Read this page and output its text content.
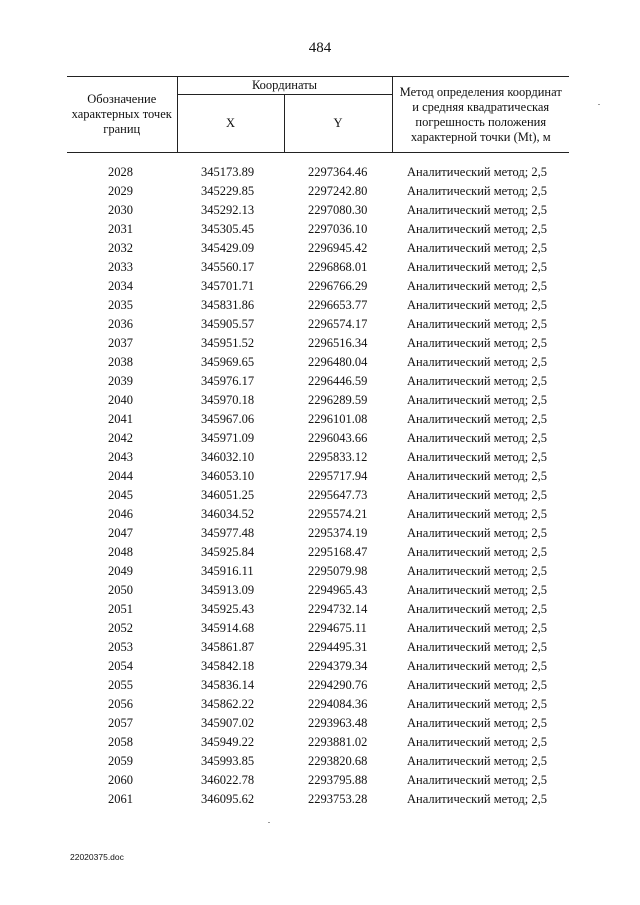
484
Обозначение характерных точек границ	Координаты		Метод определения координат и средняя квадратическая погрешность положения характерной точки (Mt), м
	X	Y	
2028	345173.89	2297364.46	Аналитический метод; 2,5
2029	345229.85	2297242.80	Аналитический метод; 2,5
2030	345292.13	2297080.30	Аналитический метод; 2,5
2031	345305.45	2297036.10	Аналитический метод; 2,5
2032	345429.09	2296945.42	Аналитический метод; 2,5
2033	345560.17	2296868.01	Аналитический метод; 2,5
2034	345701.71	2296766.29	Аналитический метод; 2,5
2035	345831.86	2296653.77	Аналитический метод; 2,5
2036	345905.57	2296574.17	Аналитический метод; 2,5
2037	345951.52	2296516.34	Аналитический метод; 2,5
2038	345969.65	2296480.04	Аналитический метод; 2,5
2039	345976.17	2296446.59	Аналитический метод; 2,5
2040	345970.18	2296289.59	Аналитический метод; 2,5
2041	345967.06	2296101.08	Аналитический метод; 2,5
2042	345971.09	2296043.66	Аналитический метод; 2,5
2043	346032.10	2295833.12	Аналитический метод; 2,5
2044	346053.10	2295717.94	Аналитический метод; 2,5
2045	346051.25	2295647.73	Аналитический метод; 2,5
2046	346034.52	2295574.21	Аналитический метод; 2,5
2047	345977.48	2295374.19	Аналитический метод; 2,5
2048	345925.84	2295168.47	Аналитический метод; 2,5
2049	345916.11	2295079.98	Аналитический метод; 2,5
2050	345913.09	2294965.43	Аналитический метод; 2,5
2051	345925.43	2294732.14	Аналитический метод; 2,5
2052	345914.68	2294675.11	Аналитический метод; 2,5
2053	345861.87	2294495.31	Аналитический метод; 2,5
2054	345842.18	2294379.34	Аналитический метод; 2,5
2055	345836.14	2294290.76	Аналитический метод; 2,5
2056	345862.22	2294084.36	Аналитический метод; 2,5
2057	345907.02	2293963.48	Аналитический метод; 2,5
2058	345949.22	2293881.02	Аналитический метод; 2,5
2059	345993.85	2293820.68	Аналитический метод; 2,5
2060	346022.78	2293795.88	Аналитический метод; 2,5
2061	346095.62	2293753.28	Аналитический метод; 2,5
22020375.doc
